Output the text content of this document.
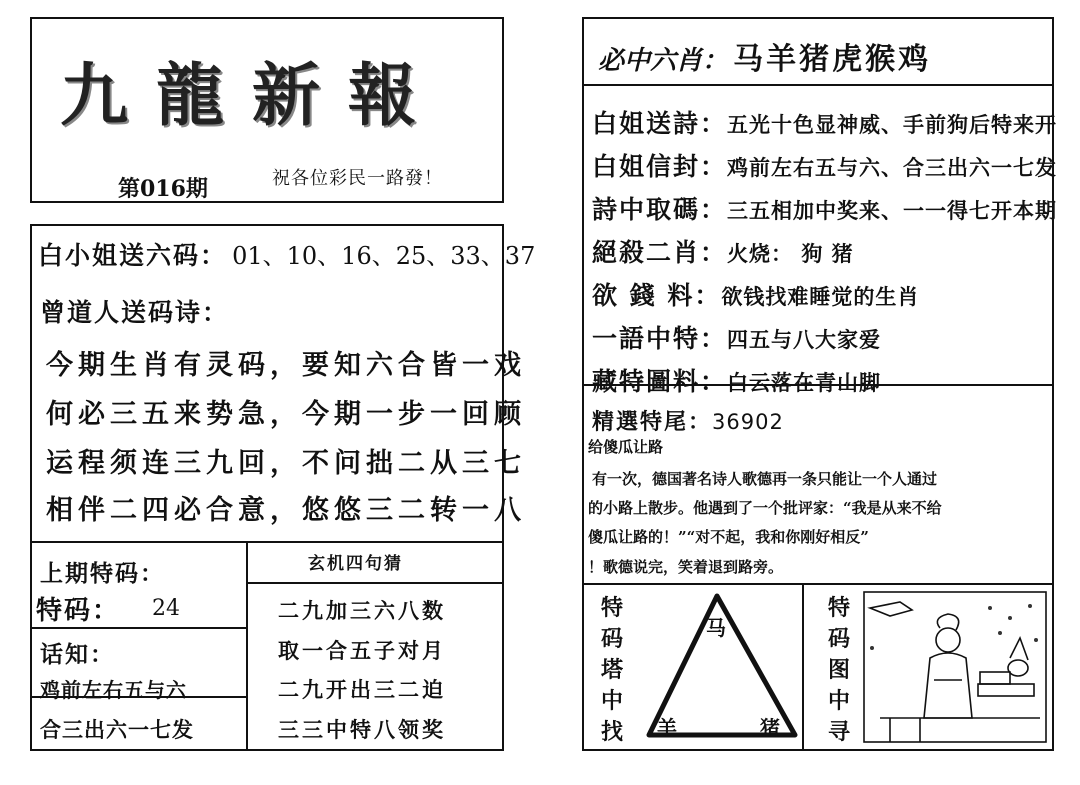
九龍新報
第016期	祝各位彩民一路發！
白小姐送六码： 01、10、16、25、33、37
曾道人送码诗：
今期生肖有灵码，要知六合皆一戏
何必三五来势急，今期一步一回顾
运程须连三九回，不问拙二从三七
相伴二四必合意，悠悠三二转一八
上期特码：
特码： 24
话知：
鸡前左右五与六
合三出六一七发
玄机四句猜
二九加三六八数
取一合五子对月
二九开出三二迫
三三中特八领奖
必中六肖： 马羊猪虎猴鸡
白姐送詩：五光十色显神威、手前狗后特来开
白姐信封：鸡前左右五与六、合三出六一七发
詩中取碼：三五相加中奖来、一一得七开本期
絕殺二肖：火烧： 狗 猪
欲 錢 料：欲钱找难睡觉的生肖
一語中特：四五与八大家爱
藏特圖料：白云落在青山脚
精選特尾：36902
给傻瓜让路
有一次，德国著名诗人歌德再一条只能让一个人通过
的小路上散步。他遇到了一个批评家：“我是从来不给
傻瓜让路的！”“对不起，我和你刚好相反”
！歌德说完，笑着退到路旁。
特码塔中找
马
羊	猪
特码图中寻
